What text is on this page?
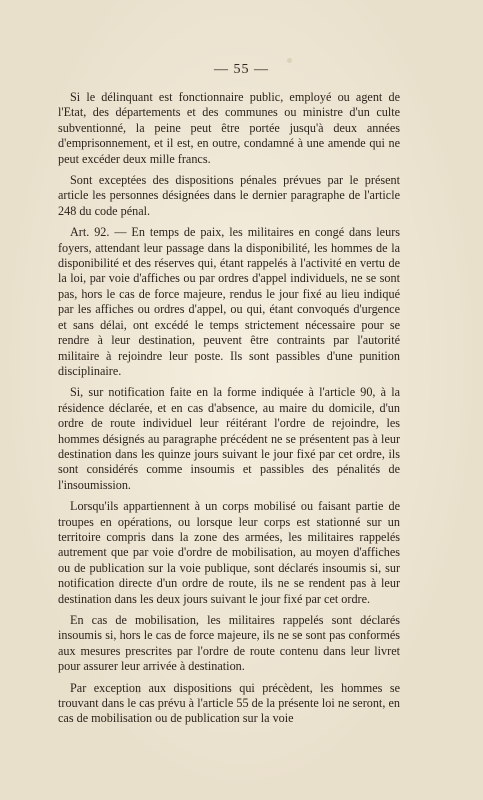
— 55 —

Si le délinquant est fonctionnaire public, employé ou agent de l'Etat, des départements et des communes ou ministre d'un culte subventionné, la peine peut être portée jusqu'à deux années d'emprisonnement, et il est, en outre, condamné à une amende qui ne peut excéder deux mille francs.

Sont exceptées des dispositions pénales prévues par le présent article les personnes désignées dans le dernier paragraphe de l'article 248 du code pénal.

Art. 92. — En temps de paix, les militaires en congé dans leurs foyers, attendant leur passage dans la disponibilité, les hommes de la disponibilité et des réserves qui, étant rappelés à l'activité en vertu de la loi, par voie d'affiches ou par ordres d'appel individuels, ne se sont pas, hors le cas de force majeure, rendus le jour fixé au lieu indiqué par les affiches ou ordres d'appel, ou qui, étant convoqués d'urgence et sans délai, ont excédé le temps strictement nécessaire pour se rendre à leur destination, peuvent être contraints par l'autorité militaire à rejoindre leur poste. Ils sont passibles d'une punition disciplinaire.

Si, sur notification faite en la forme indiquée à l'article 90, à la résidence déclarée, et en cas d'absence, au maire du domicile, d'un ordre de route individuel leur réitérant l'ordre de rejoindre, les hommes désignés au paragraphe précédent ne se présentent pas à leur destination dans les quinze jours suivant le jour fixé par cet ordre, ils sont considérés comme insoumis et passibles des pénalités de l'insoumission.

Lorsqu'ils appartiennent à un corps mobilisé ou faisant partie de troupes en opérations, ou lorsque leur corps est stationné sur un territoire compris dans la zone des armées, les militaires rappelés autrement que par voie d'ordre de mobilisation, au moyen d'affiches ou de publication sur la voie publique, sont déclarés insoumis si, sur notification directe d'un ordre de route, ils ne se rendent pas à leur destination dans les deux jours suivant le jour fixé par cet ordre.

En cas de mobilisation, les militaires rappelés sont déclarés insoumis si, hors le cas de force majeure, ils ne se sont pas conformés aux mesures prescrites par l'ordre de route contenu dans leur livret pour assurer leur arrivée à destination.

Par exception aux dispositions qui précèdent, les hommes se trouvant dans le cas prévu à l'article 55 de la présente loi ne seront, en cas de mobilisation ou de publication sur la voie
